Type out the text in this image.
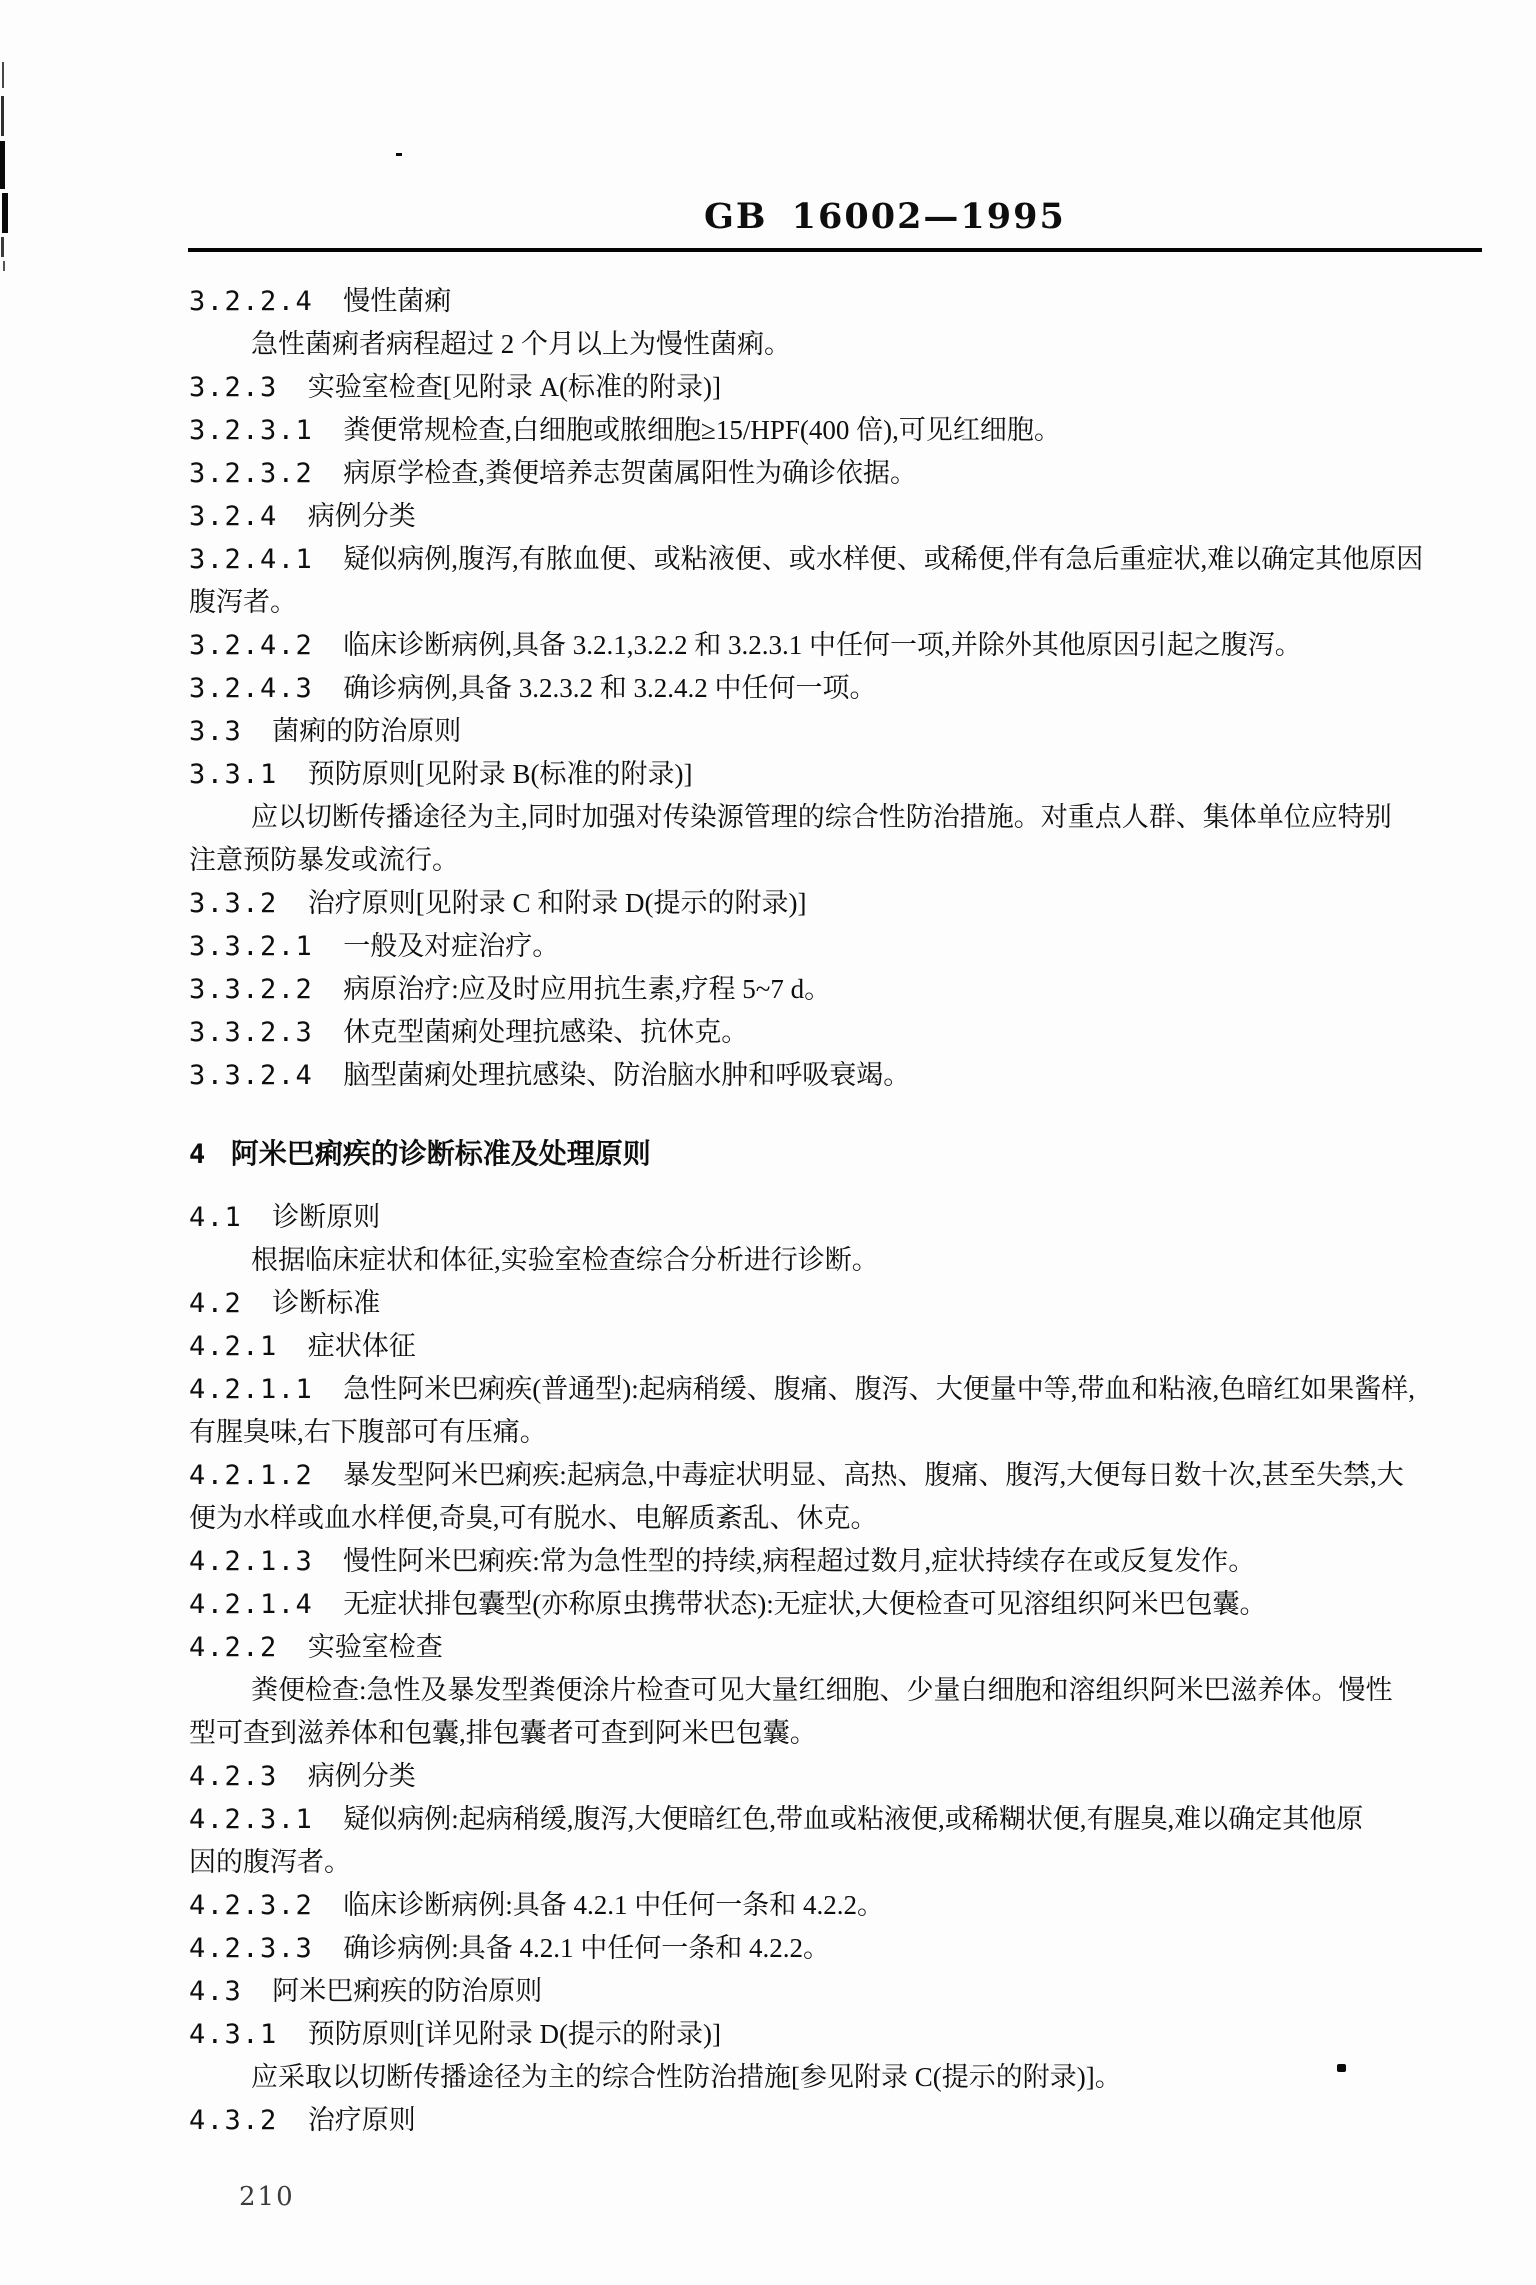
GB 16002—1995
3.2.2.4 慢性菌痢
急性菌痢者病程超过 2 个月以上为慢性菌痢。
3.2.3 实验室检查[见附录 A(标准的附录)]
3.2.3.1 粪便常规检查,白细胞或脓细胞≥15/HPF(400 倍),可见红细胞。
3.2.3.2 病原学检查,粪便培养志贺菌属阳性为确诊依据。
3.2.4 病例分类
3.2.4.1 疑似病例,腹泻,有脓血便、或粘液便、或水样便、或稀便,伴有急后重症状,难以确定其他原因
腹泻者。
3.2.4.2 临床诊断病例,具备 3.2.1,3.2.2 和 3.2.3.1 中任何一项,并除外其他原因引起之腹泻。
3.2.4.3 确诊病例,具备 3.2.3.2 和 3.2.4.2 中任何一项。
3.3 菌痢的防治原则
3.3.1 预防原则[见附录 B(标准的附录)]
应以切断传播途径为主,同时加强对传染源管理的综合性防治措施。对重点人群、集体单位应特别
注意预防暴发或流行。
3.3.2 治疗原则[见附录 C 和附录 D(提示的附录)]
3.3.2.1 一般及对症治疗。
3.3.2.2 病原治疗:应及时应用抗生素,疗程 5~7 d。
3.3.2.3 休克型菌痢处理抗感染、抗休克。
3.3.2.4 脑型菌痢处理抗感染、防治脑水肿和呼吸衰竭。
4 阿米巴痢疾的诊断标准及处理原则
4.1 诊断原则
根据临床症状和体征,实验室检查综合分析进行诊断。
4.2 诊断标准
4.2.1 症状体征
4.2.1.1 急性阿米巴痢疾(普通型):起病稍缓、腹痛、腹泻、大便量中等,带血和粘液,色暗红如果酱样,
有腥臭味,右下腹部可有压痛。
4.2.1.2 暴发型阿米巴痢疾:起病急,中毒症状明显、高热、腹痛、腹泻,大便每日数十次,甚至失禁,大
便为水样或血水样便,奇臭,可有脱水、电解质紊乱、休克。
4.2.1.3 慢性阿米巴痢疾:常为急性型的持续,病程超过数月,症状持续存在或反复发作。
4.2.1.4 无症状排包囊型(亦称原虫携带状态):无症状,大便检查可见溶组织阿米巴包囊。
4.2.2 实验室检查
粪便检查:急性及暴发型粪便涂片检查可见大量红细胞、少量白细胞和溶组织阿米巴滋养体。慢性
型可查到滋养体和包囊,排包囊者可查到阿米巴包囊。
4.2.3 病例分类
4.2.3.1 疑似病例:起病稍缓,腹泻,大便暗红色,带血或粘液便,或稀糊状便,有腥臭,难以确定其他原
因的腹泻者。
4.2.3.2 临床诊断病例:具备 4.2.1 中任何一条和 4.2.2。
4.2.3.3 确诊病例:具备 4.2.1 中任何一条和 4.2.2。
4.3 阿米巴痢疾的防治原则
4.3.1 预防原则[详见附录 D(提示的附录)]
应采取以切断传播途径为主的综合性防治措施[参见附录 C(提示的附录)]。
4.3.2 治疗原则
210
